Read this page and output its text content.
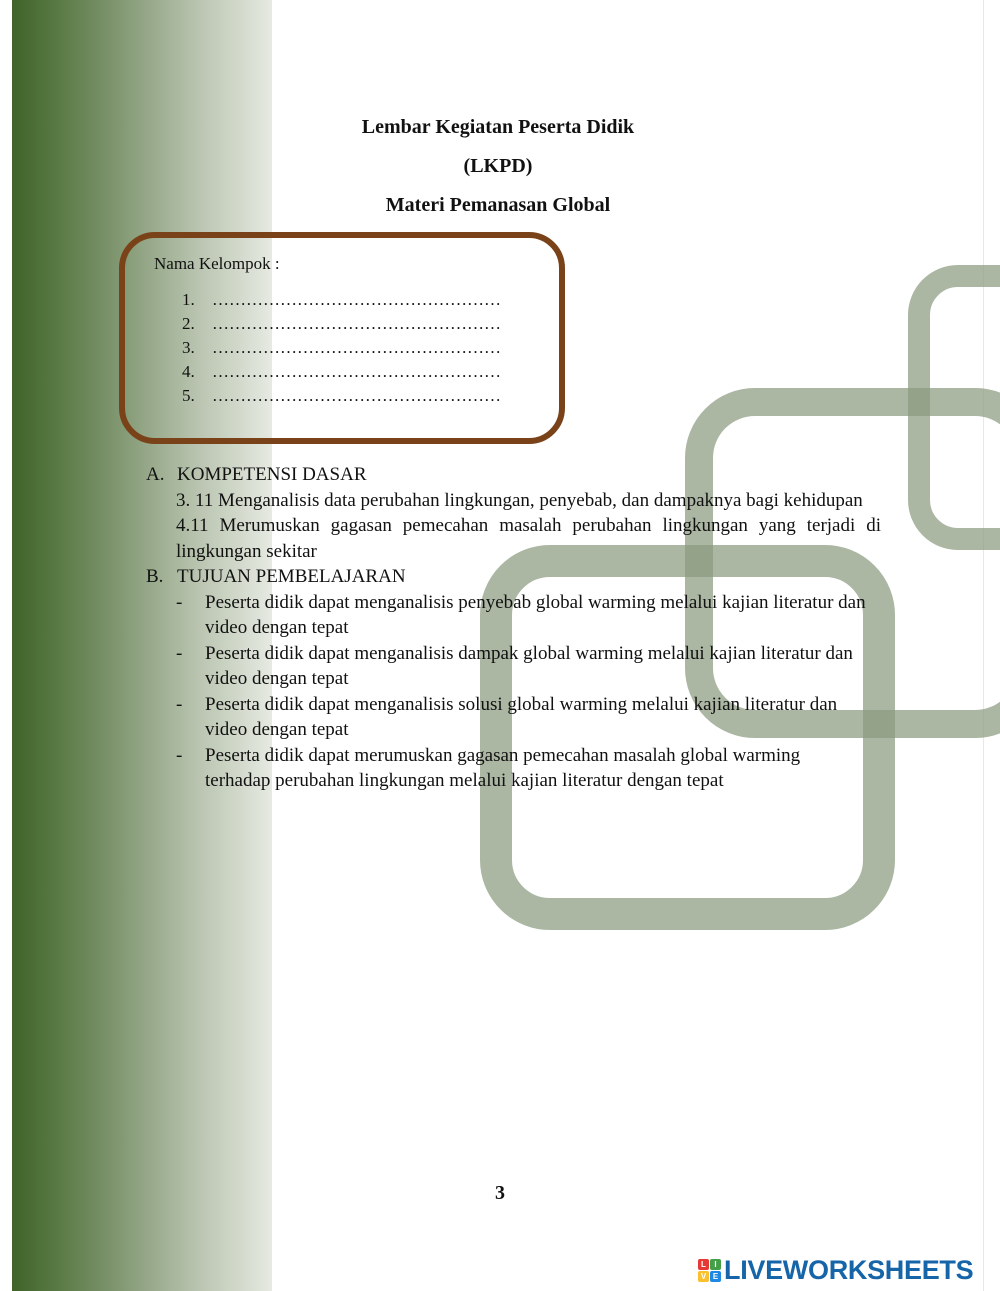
Lembar Kegiatan Peserta Didik
(LKPD)
Materi Pemanasan Global
Nama Kelompok :
1. ……………………………………………
2. ……………………………………………
3. ……………………………………………
4. ……………………………………………
5. ……………………………………………
A. KOMPETENSI DASAR
3. 11 Menganalisis data perubahan lingkungan, penyebab, dan dampaknya bagi kehidupan
4.11 Merumuskan gagasan pemecahan masalah perubahan lingkungan yang terjadi di lingkungan sekitar
B. TUJUAN PEMBELAJARAN
-	Peserta didik dapat menganalisis penyebab global warming melalui kajian literatur dan video dengan tepat
-	Peserta didik dapat menganalisis dampak global warming melalui kajian literatur dan video dengan tepat
-	Peserta didik dapat menganalisis solusi global warming melalui kajian literatur dan video dengan tepat
-	Peserta didik dapat merumuskan gagasan pemecahan masalah global warming terhadap perubahan lingkungan melalui kajian literatur dengan tepat
3
L	I
V E LIVEWORKSHEETS
